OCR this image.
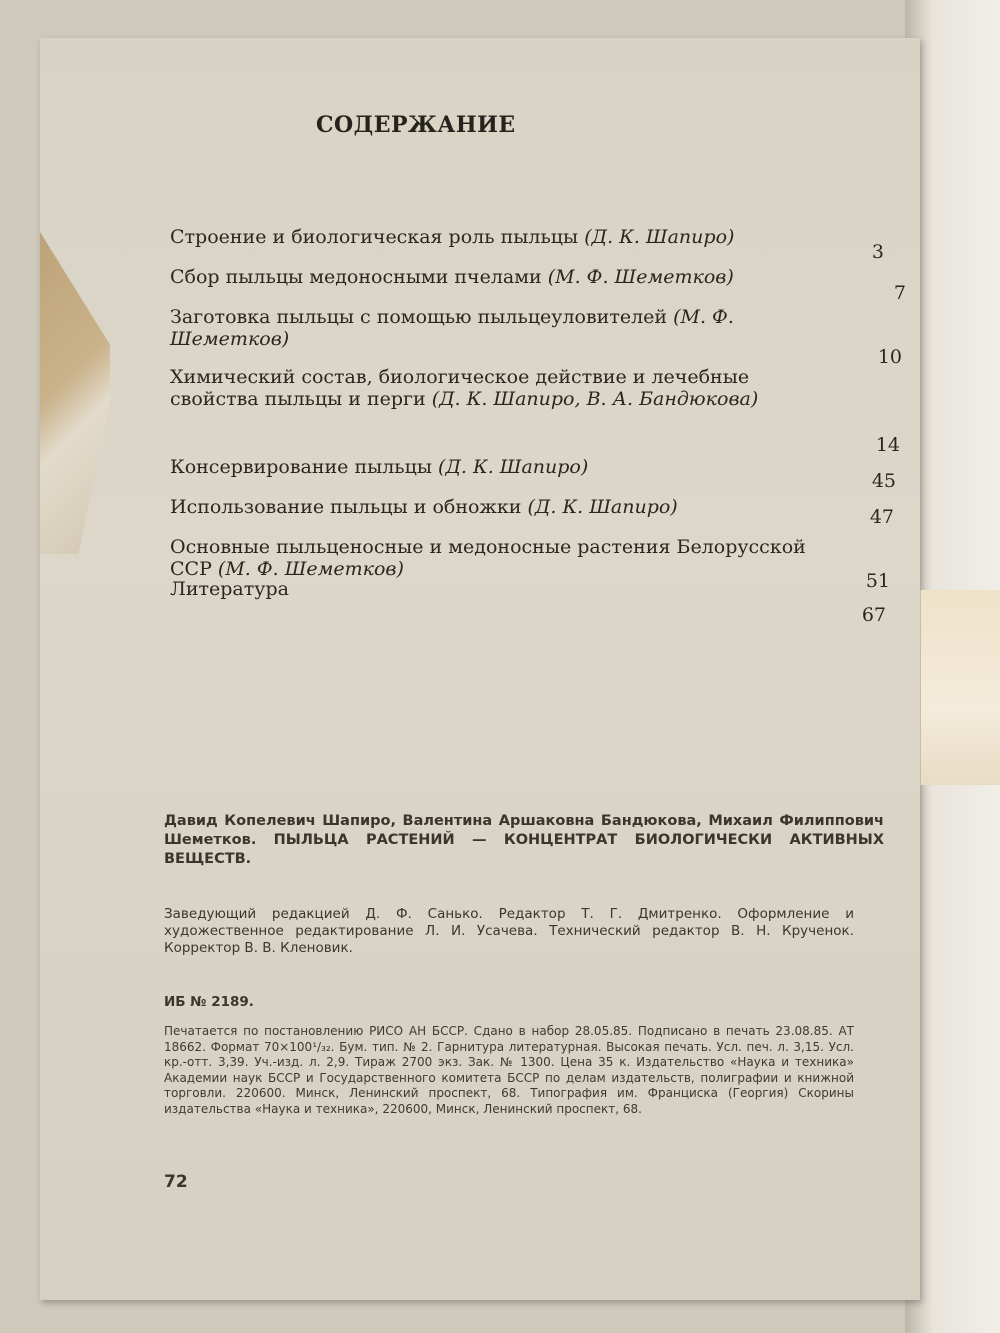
СОДЕРЖАНИЕ
Строение и биологическая роль пыльцы (Д. К. Шапиро)
3
Сбор пыльцы медоносными пчелами (М. Ф. Шеметков)
7
Заготовка пыльцы с помощью пыльцеуловителей (М. Ф. Шеметков)
10
Химический состав, биологическое действие и лечебные свойства пыльцы и перги (Д. К. Шапиро, В. А. Бандюкова)
14
Консервирование пыльцы (Д. К. Шапиро)
45
Использование пыльцы и обножки (Д. К. Шапиро)	47
Основные пыльценосные и медоносные растения Белорусской ССР (М. Ф. Шеметков)
51
Литература
67
Давид Копелевич Шапиро, Валентина Аршаковна Бандюкова, Михаил Филиппович Шеметков. ПЫЛЬЦА РАСТЕНИЙ — КОНЦЕНТРАТ БИОЛОГИЧЕСКИ АКТИВНЫХ ВЕЩЕСТВ.
Заведующий редакцией Д. Ф. Санько. Редактор Т. Г. Дмитренко. Оформление и художественное редактирование Л. И. Усачева. Технический редактор В. Н. Крученок. Корректор В. В. Кленовик.
ИБ № 2189.
Печатается по постановлению РИСО АН БССР. Сдано в набор 28.05.85. Подписано в печать 23.08.85. АТ 18662. Формат 70×100¹/₃₂. Бум. тип. № 2. Гарнитура литературная. Высокая печать. Усл. печ. л. 3,15. Усл. кр.-отт. 3,39. Уч.-изд. л. 2,9. Тираж 2700 экз. Зак. № 1300. Цена 35 к. Издательство «Наука и техника» Академии наук БССР и Государственного комитета БССР по делам издательств, полиграфии и книжной торговли. 220600. Минск, Ленинский проспект, 68. Типография им. Франциска (Георгия) Скорины издательства «Наука и техника», 220600, Минск, Ленинский проспект, 68.
72
